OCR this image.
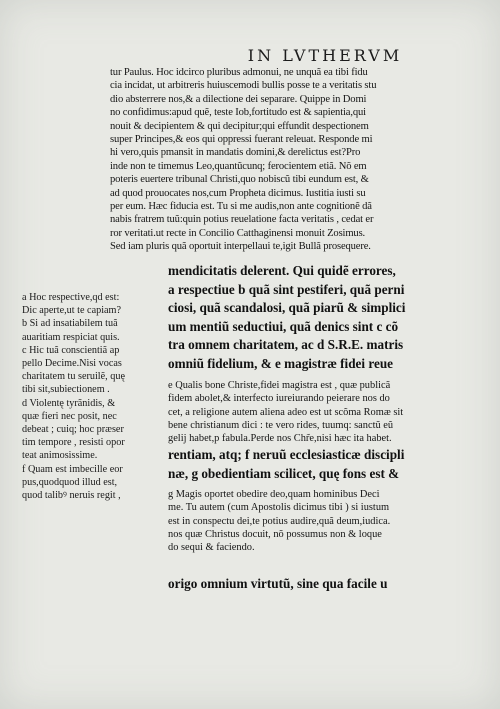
IN LVTHERVM
tur Paulus. Hoc idcirco pluribus admonui, ne unquã ea tibi fidu
cia incidat, ut arbitreris huiuscemodi bullis posse te a veritatis stu
dio absterrere nos,& a dilectione dei separare. Quippe in Domi
no confidimus:apud quẽ, teste Iob,fortitudo est & sapientia,qui
nouit & decipientem & qui decipitur;qui effundit despectionem
super Principes,& eos qui oppressi fuerant releuat. Responde mi
hi vero,quis pmansit in mandatis domini,& derelictus est?Pro
inde non te timemus Leo,quantũcunq; ferocientem etiã. Nõ em
poteris euertere tribunal Christi,quo nobiscũ tibi eundum est, &
ad quod prouocates nos,cum Propheta dicimus. Iustitia iusti su
per eum. Hæc fiducia est. Tu si me audis,non ante cognitionẽ dã
nabis fratrem tuũ:quin potius reuelatione facta veritatis , cedat er
ror veritati.ut recte in Concilio Catthaginensi monuit Zosimus.
Sed iam pluris quã oportuit interpellaui te,igit Bullã prosequere.
mendicitatis delerent. Qui quidẽ errores,
a respectiue b quã sint pestiferi, quã perni
ciosi, quã scandalosi, quã piarũ & simplici
um mentiũ seductiui, quã denics sint c cõ
tra omnem charitatem, ac d S.R.E. matris
omniũ fidelium, & e magistræ fidei reue
e Qualis bone Christe,fidei magistra est , quæ publicã
fidem abolet,& interfecto iureiurando peierare nos do
cet, a religione autem aliena adeo est ut scõma Romæ sit
bene christianum dici : te vero rides, tuumq: sanctũ eũ
gelij habet,p fabula.Perde nos Chr̃e,nisi hæc ita habet.
rentiam, atq; f neruũ ecclesiasticæ discipli
næ, g obedientiam scilicet, quę fons est &
g Magis oportet obedire deo,quam hominibus Deci
me. Tu autem (cum Apostolis dicimus tibi ) si iustum
est in conspectu dei,te potius audire,quã deum,iudica.
nos quæ Christus docuit, nõ possumus non & loque
do sequi & faciendo.
origo omnium virtutũ, sine qua facile u
a Hoc respective,qd est:
Dic aperte,ut te capiam?
b Si ad insatiabilem tuã
auaritiam respiciat quis.
c Hic tuã conscientiã ap
pello Decime.Nisi vocas
charitatem tu seruilẽ, quę
tibi sit,subiectionem .
d Violentę tyrãnidis, &
quæ fieri nec posit, nec
debeat ; cuiq; hoc præser
tim tempore , resisti opor
teat animosissime.
f Quam est imbecille eor
pus,quodquod illud est,
quod talibꝰ neruis regit ,
